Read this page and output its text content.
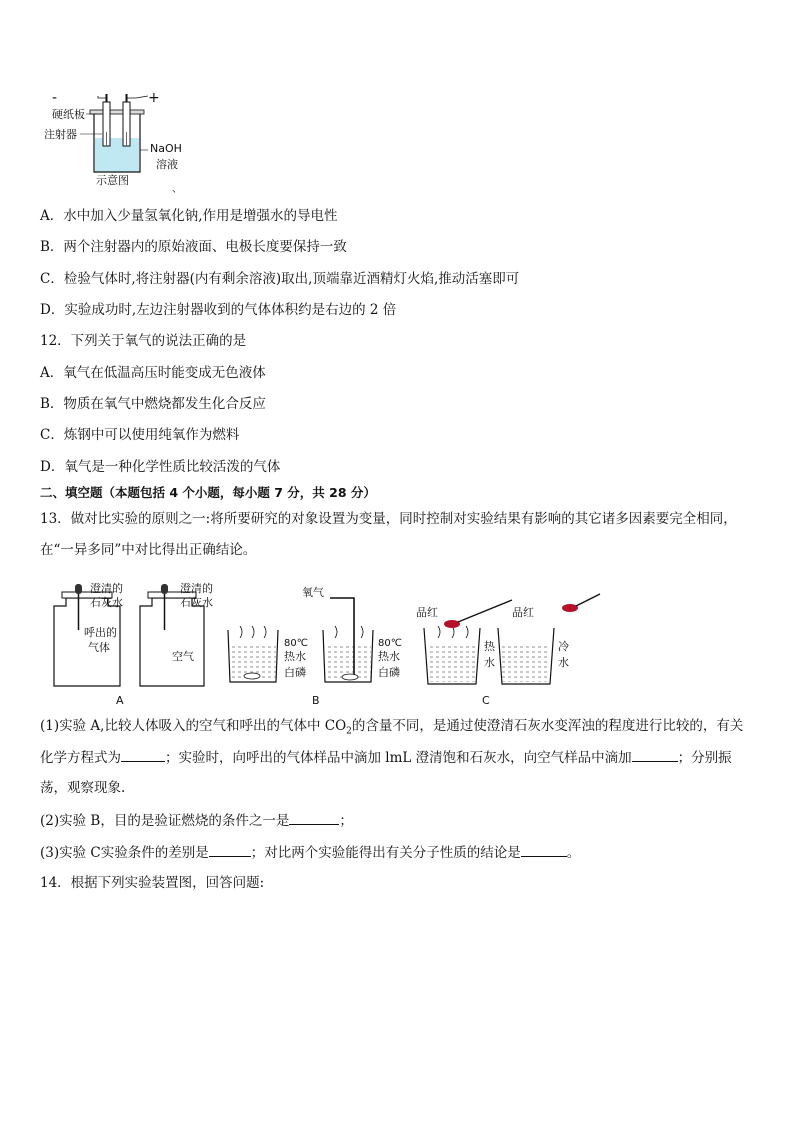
-	+
硬纸板
注射器
NaOH
溶液
示意图
、
A．水中加入少量氢氧化钠,作用是增强水的导电性
B．两个注射器内的原始液面、电极长度要保持一致
C．检验气体时,将注射器(内有剩余溶液)取出,顶端靠近酒精灯火焰,推动活塞即可
D．实验成功时,左边注射器收到的气体体积约是右边的 2 倍
12．下列关于氧气的说法正确的是
A．氧气在低温高压时能变成无色液体
B．物质在氧气中燃烧都发生化合反应
C．炼钢中可以使用纯氧作为燃料
D．氧气是一种化学性质比较活泼的气体
二、填空题（本题包括 4 个小题，每小题 7 分，共 28 分）
13．做对比实验的原则之一:将所要研究的对象设置为变量，同时控制对实验结果有影响的其它诸多因素要完全相同，
在“一异多同”中对比得出正确结论。
呼出的
气体
澄清的
石灰水
空气
澄清的
石灰水
A
80℃
热水
白磷
氧气
80℃
热水
白磷
B
热
水
品红
冷
水
品红
C
(1)实验 A,比较人体吸入的空气和呼出的气体中 $CO_2$的含量不同，是通过使澄清石灰水变浑浊的程度进行比较的，有关
化学方程式为	；实验时，向呼出的气体样品中滴加 lmL 澄清饱和石灰水，向空气样品中滴加	；分别振
荡，观察现象.
(2)实验 B，目的是验证燃烧的条件之一是	；
(3)实验 C实验条件的差别是	；对比两个实验能得出有关分子性质的结论是	。
14．根据下列实验装置图，回答问题:
